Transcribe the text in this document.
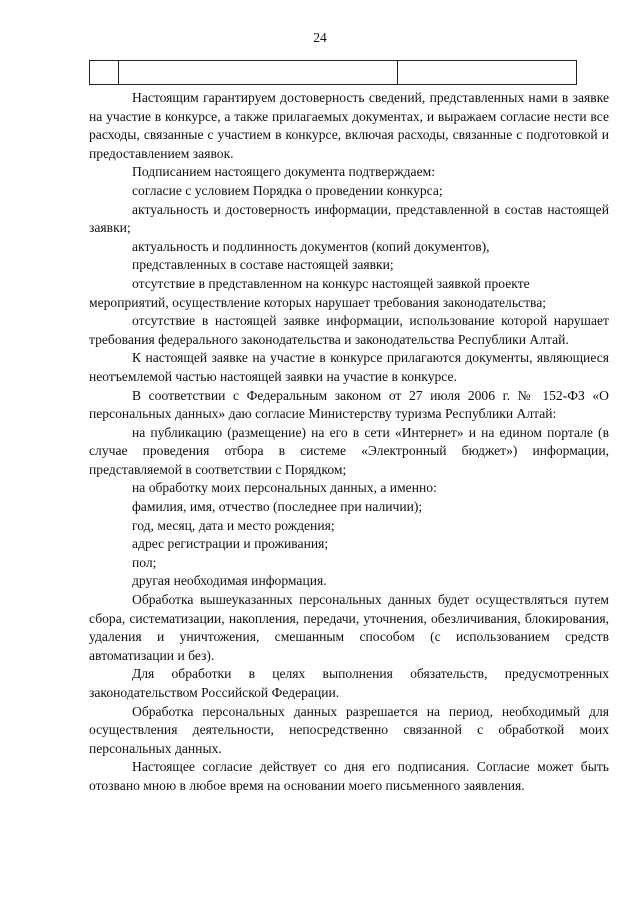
24

Настоящим гарантируем достоверность сведений, представленных нами в заявке на участие в конкурсе, а также прилагаемых документах, и выражаем согласие нести все расходы, связанные с участием в конкурсе, включая расходы, связанные с подготовкой и предоставлением заявок.

Подписанием настоящего документа подтверждаем:

согласие с условием Порядка о проведении конкурса;

актуальность и достоверность информации, представленной в состав настоящей заявки;

актуальность и подлинность документов (копий документов),

представленных в составе настоящей заявки;

отсутствие в представленном на конкурс настоящей заявкой проекте

мероприятий, осуществление которых нарушает требования законодательства;

отсутствие в настоящей заявке информации, использование которой нарушает требования федерального законодательства и законодательства Республики Алтай.

К настоящей заявке на участие в конкурсе прилагаются документы, являющиеся неотъемлемой частью настоящей заявки на участие в конкурсе.

В соответствии с Федеральным законом от 27 июля 2006 г. № 152-ФЗ «О персональных данных» даю согласие Министерству туризма Республики Алтай:

на публикацию (размещение) на его в сети «Интернет» и на едином портале (в случае проведения отбора в системе «Электронный бюджет») информации, представляемой в соответствии с Порядком;

на обработку моих персональных данных, а именно:

фамилия, имя, отчество (последнее при наличии);

год, месяц, дата и место рождения;

адрес регистрации и проживания;

пол;

другая необходимая информация.

Обработка вышеуказанных персональных данных будет осуществляться путем сбора, систематизации, накопления, передачи, уточнения, обезличивания, блокирования, удаления и уничтожения, смешанным способом (с использованием средств автоматизации и без).

Для обработки в целях выполнения обязательств, предусмотренных законодательством Российской Федерации.

Обработка персональных данных разрешается на период, необходимый для осуществления деятельности, непосредственно связанной с обработкой моих персональных данных.

Настоящее согласие действует со дня его подписания. Согласие может быть отозвано мною в любое время на основании моего письменного заявления.
